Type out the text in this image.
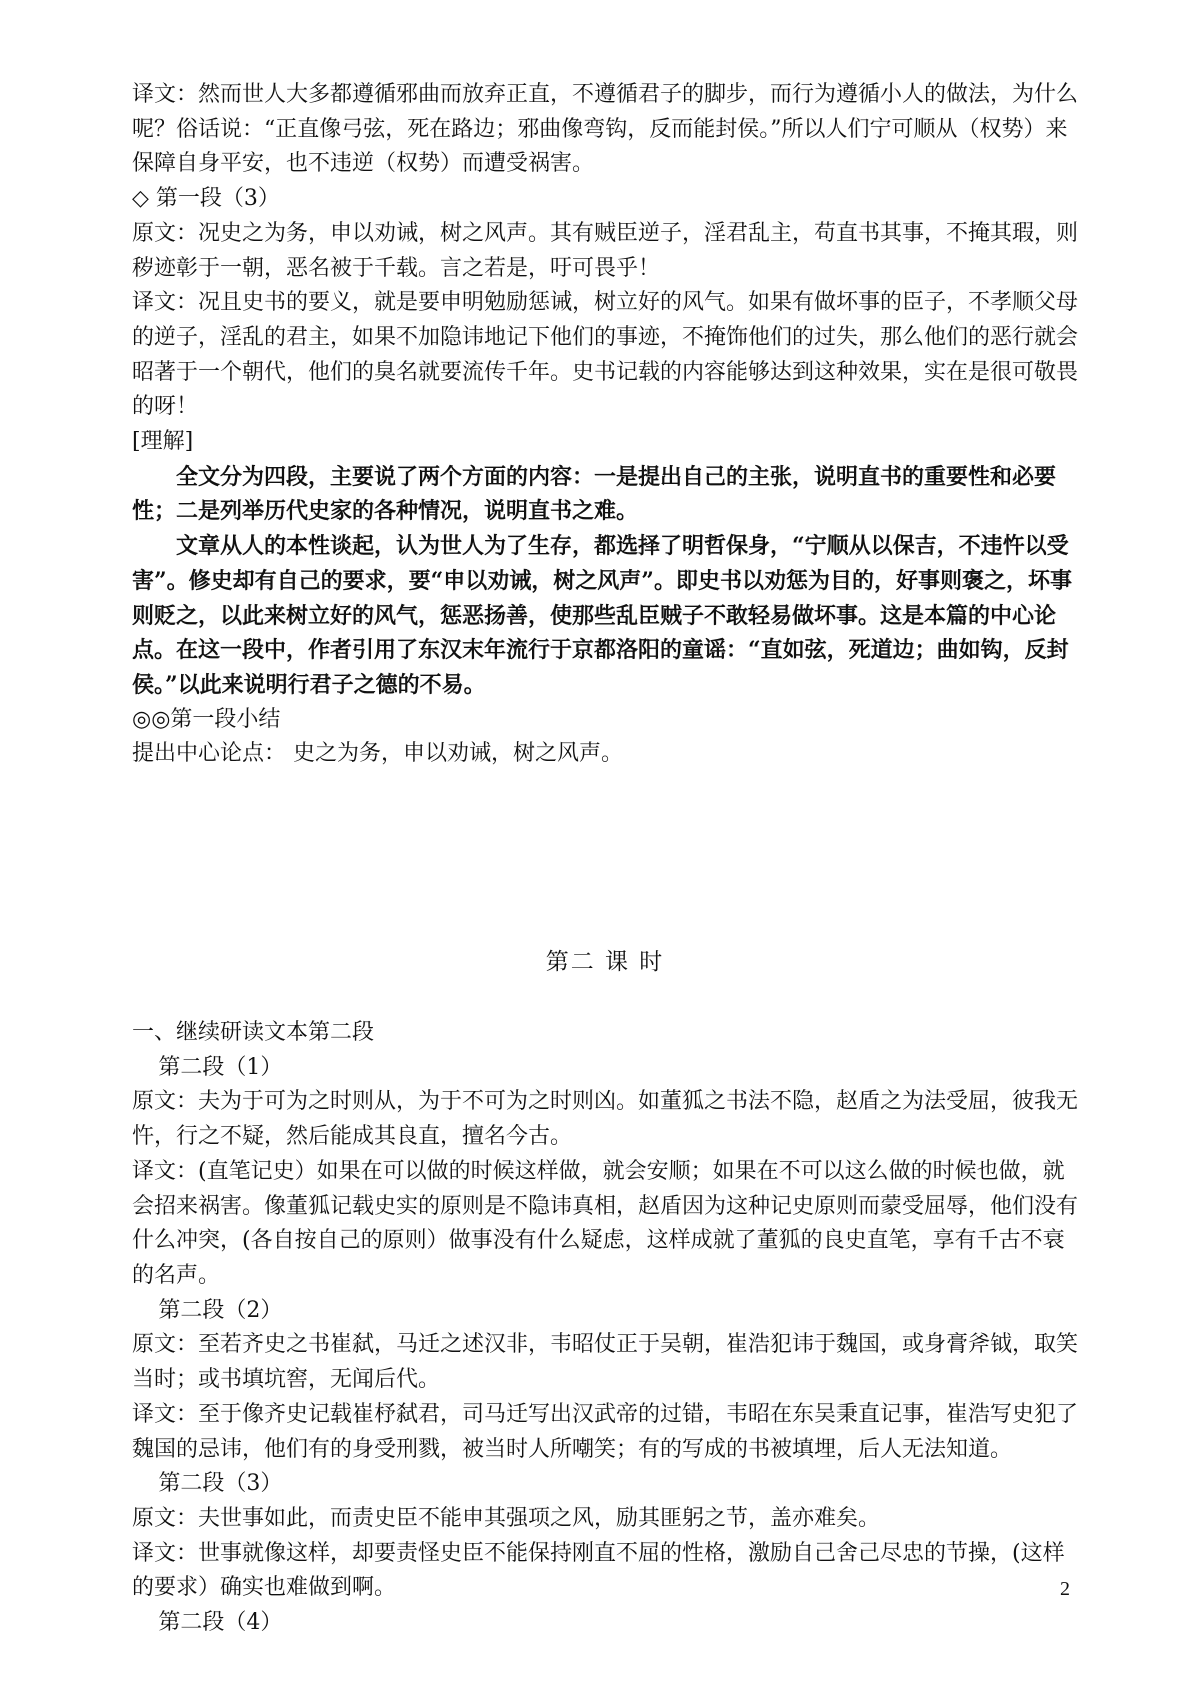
译文：然而世人大多都遵循邪曲而放弃正直，不遵循君子的脚步，而行为遵循小人的做法，为什么呢？俗话说：“正直像弓弦，死在路边；邪曲像弯钩，反而能封侯。”所以人们宁可顺从（权势）来保障自身平安，也不违逆（权势）而遭受祸害。

◇ 第一段（3）

原文：况史之为务，申以劝诫，树之风声。其有贼臣逆子，淫君乱主，苟直书其事，不掩其瑕，则秽迹彰于一朝，恶名被于千载。言之若是，吁可畏乎！

译文：况且史书的要义，就是要申明勉励惩诫，树立好的风气。如果有做坏事的臣子，不孝顺父母的逆子，淫乱的君主，如果不加隐讳地记下他们的事迹，不掩饰他们的过失，那么他们的恶行就会昭著于一个朝代，他们的臭名就要流传千年。史书记载的内容能够达到这种效果，实在是很可敬畏的呀！

[理解]

全文分为四段，主要说了两个方面的内容：一是提出自己的主张，说明直书的重要性和必要性；二是列举历代史家的各种情况，说明直书之难。

文章从人的本性谈起，认为世人为了生存，都选择了明哲保身，“宁顺从以保吉，不违忤以受害”。修史却有自己的要求，要“申以劝诫，树之风声”。即史书以劝惩为目的，好事则褒之，坏事则贬之，以此来树立好的风气，惩恶扬善，使那些乱臣贼子不敢轻易做坏事。这是本篇的中心论点。在这一段中，作者引用了东汉末年流行于京都洛阳的童谣：“直如弦，死道边；曲如钩，反封侯。”以此来说明行君子之德的不易。

◎◎第一段小结

提出中心论点： 史之为务，申以劝诫，树之风声。

第二 课 时

一、继续研读文本第二段

第二段（1）

原文：夫为于可为之时则从，为于不可为之时则凶。如董狐之书法不隐，赵盾之为法受屈，彼我无忤，行之不疑，然后能成其良直，擅名今古。

译文：(直笔记史）如果在可以做的时候这样做，就会安顺；如果在不可以这么做的时候也做，就会招来祸害。像董狐记载史实的原则是不隐讳真相，赵盾因为这种记史原则而蒙受屈辱，他们没有什么冲突，(各自按自己的原则）做事没有什么疑虑，这样成就了董狐的良史直笔，享有千古不衰的名声。

第二段（2）

原文：至若齐史之书崔弑，马迁之述汉非，韦昭仗正于吴朝，崔浩犯讳于魏国，或身膏斧钺，取笑当时；或书填坑窖，无闻后代。

译文：至于像齐史记载崔杼弑君，司马迁写出汉武帝的过错，韦昭在东吴秉直记事，崔浩写史犯了魏国的忌讳，他们有的身受刑戮，被当时人所嘲笑；有的写成的书被填埋，后人无法知道。

第二段（3）

原文：夫世事如此，而责史臣不能申其强项之风，励其匪躬之节，盖亦难矣。

译文：世事就像这样，却要责怪史臣不能保持刚直不屈的性格，激励自己舍己尽忠的节操，(这样的要求）确实也难做到啊。

第二段（4）

2
